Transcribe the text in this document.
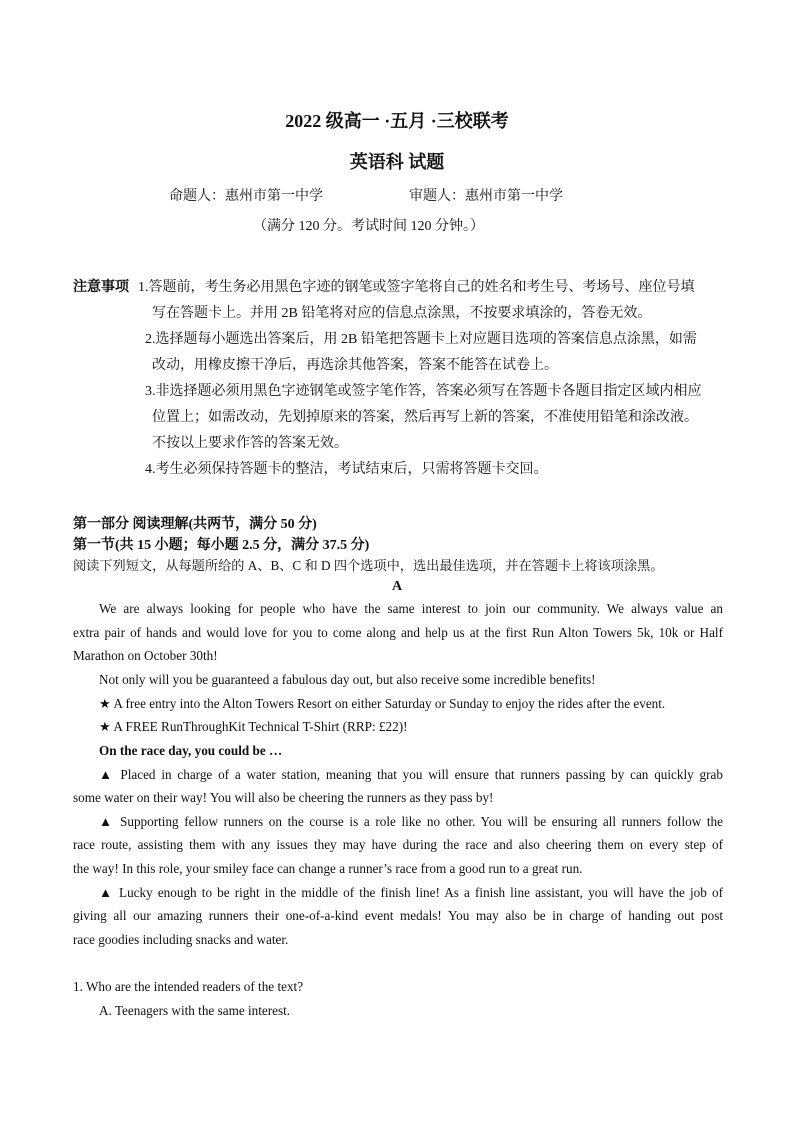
2022 级高一 ·五月 ·三校联考
英语科 试题
命题人：惠州市第一中学	审题人：惠州市第一中学
（满分 120 分。考试时间 120 分钟。）
注意事项 1.答题前，考生务必用黑色字迹的钢笔或签字笔将自己的姓名和考生号、考场号、座位号填
写在答题卡上。并用 2B 铅笔将对应的信息点涂黑，不按要求填涂的，答卷无效。
2.选择题每小题选出答案后，用 2B 铅笔把答题卡上对应题目选项的答案信息点涂黑，如需
改动，用橡皮擦干净后，再选涂其他答案，答案不能答在试卷上。
3.非选择题必须用黑色字迹钢笔或签字笔作答，答案必须写在答题卡各题目指定区域内相应
位置上；如需改动，先划掉原来的答案，然后再写上新的答案，不准使用铅笔和涂改液。
不按以上要求作答的答案无效。
4.考生必须保持答题卡的整洁，考试结束后，只需将答题卡交回。
第一部分 阅读理解(共两节，满分 50 分)
第一节(共 15 小题；每小题 2.5 分，满分 37.5 分)
阅读下列短文，从每题所给的 A、B、C 和 D 四个选项中，选出最佳选项，并在答题卡上将该项涂黑。
A
We are always looking for people who have the same interest to join our community. We always value an
extra pair of hands and would love for you to come along and help us at the first Run Alton Towers 5k, 10k or Half
Marathon on October 30th!
Not only will you be guaranteed a fabulous day out, but also receive some incredible benefits!
★ A free entry into the Alton Towers Resort on either Saturday or Sunday to enjoy the rides after the event.
★ A FREE RunThroughKit Technical T-Shirt (RRP: £22)!
On the race day, you could be …
▲ Placed in charge of a water station, meaning that you will ensure that runners passing by can quickly grab
some water on their way! You will also be cheering the runners as they pass by!
▲ Supporting fellow runners on the course is a role like no other. You will be ensuring all runners follow the
race route, assisting them with any issues they may have during the race and also cheering them on every step of
the way! In this role, your smiley face can change a runner’s race from a good run to a great run.
▲ Lucky enough to be right in the middle of the finish line! As a finish line assistant, you will have the job of
giving all our amazing runners their one-of-a-kind event medals! You may also be in charge of handing out post
race goodies including snacks and water.
1. Who are the intended readers of the text?
A. Teenagers with the same interest.
